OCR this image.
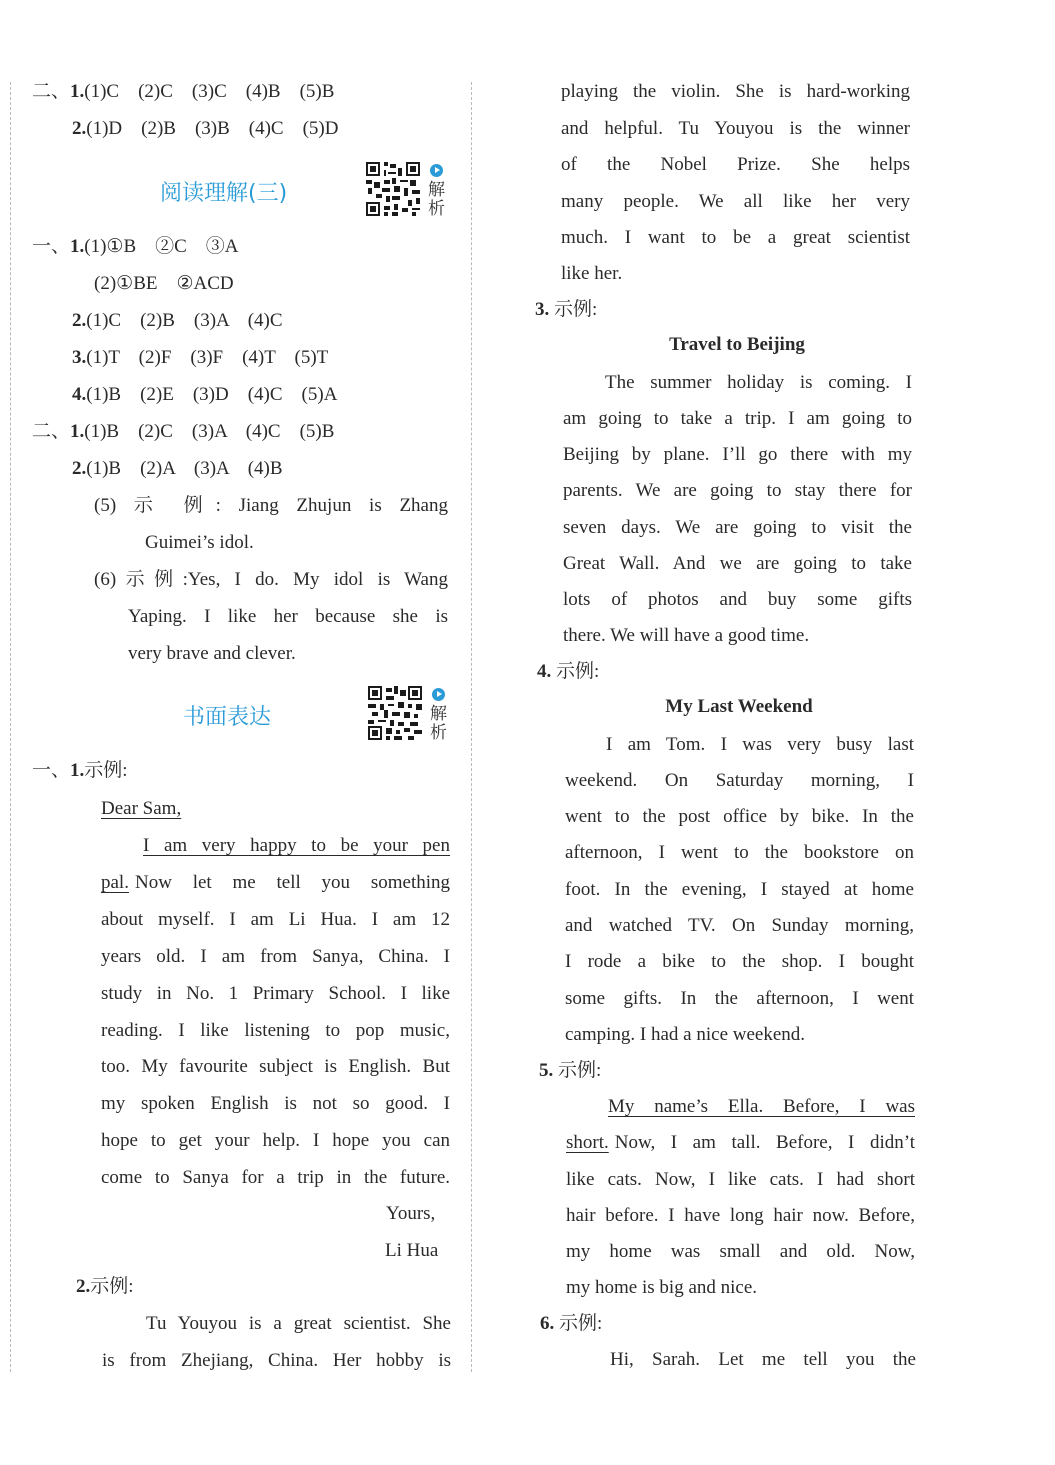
二、1.(1)C　(2)C　(3)C　(4)B　(5)B
2.(1)D　(2)B　(3)B　(4)C　(5)D
阅读理解(三)	解
析
一、1.(1)①B　②C　③A
(2)①BE　②ACD
2.(1)C　(2)B　(3)A　(4)C
3.(1)T　(2)F　(3)F　(4)T　(5)T
4.(1)B　(2)E　(3)D　(4)C　(5)A
二、1.(1)B　(2)C　(3)A　(4)C　(5)B
2.(1)B　(2)A　(3)A　(4)B
(5) 示 例: Jiang Zhujun is Zhang
Guimei’s idol.
(6)示例:Yes, I do. My idol is Wang
Yaping. I like her because she is
very brave and clever.
书面表达	解
析
一、1.示例:
Dear Sam,
I am very happy to be your pen
pal. Now let me tell you something
about myself. I am Li Hua. I am 12
years old. I am from Sanya, China. I
study in No. 1 Primary School. I like
reading. I like listening to pop music,
too. My favourite subject is English. But
my spoken English is not so good. I
hope to get your help. I hope you can
come to Sanya for a trip in the future.
Yours,
Li Hua
2.示例:
Tu Youyou is a great scientist. She
is from Zhejiang, China. Her hobby is
playing the violin. She is hard-working
and helpful. Tu Youyou is the winner
of the Nobel Prize. She helps
many people. We all like her very
much. I want to be a great scientist
like her.
3. 示例:
Travel to Beijing
The summer holiday is coming. I
am going to take a trip. I am going to
Beijing by plane. I’ll go there with my
parents. We are going to stay there for
seven days. We are going to visit the
Great Wall. And we are going to take
lots of photos and buy some gifts
there. We will have a good time.
4. 示例:
My Last Weekend
I am Tom. I was very busy last
weekend. On Saturday morning, I
went to the post office by bike. In the
afternoon, I went to the bookstore on
foot. In the evening, I stayed at home
and watched TV. On Sunday morning,
I rode a bike to the shop. I bought
some gifts. In the afternoon, I went
camping. I had a nice weekend.
5. 示例:
My name’s Ella. Before, I was
short. Now, I am tall. Before, I didn’t
like cats. Now, I like cats. I had short
hair before. I have long hair now. Before,
my home was small and old. Now,
my home is big and nice.
6. 示例:
Hi, Sarah. Let me tell you the
